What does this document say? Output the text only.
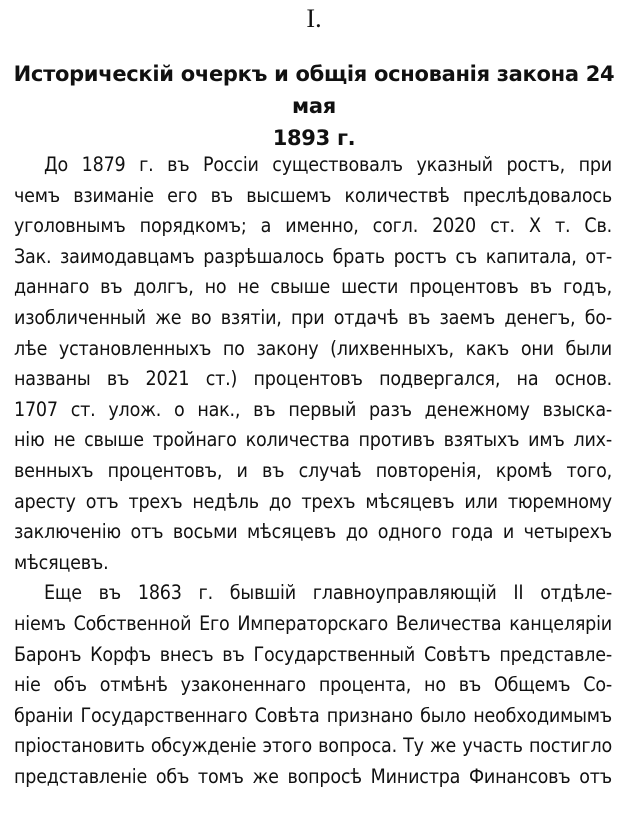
I.
Историческій очеркъ и общія основанія закона 24 мая
1893 г.
До 1879 г. въ Россіи существовалъ указный ростъ, при
чемъ взиманіе его въ высшемъ количествѣ преслѣдовалось
уголовнымъ порядкомъ; а именно, согл. 2020 ст. X т. Св.
Зак. заимодавцамъ разрѣшалось брать ростъ съ капитала, от-
даннаго въ долгъ, но не свыше шести процентовъ въ годъ,
изобличенный же во взятіи, при отдачѣ въ заемъ денегъ, бо-
лѣе установленныхъ по закону (лихвенныхъ, какъ они были
названы въ 2021 ст.) процентовъ подвергался, на основ.
1707 ст. улож. о нак., въ первый разъ денежному взыска-
нію не свыше тройнаго количества противъ взятыхъ имъ лих-
венныхъ процентовъ, и въ случаѣ повторенія, кромѣ того,
аресту отъ трехъ недѣль до трехъ мѣсяцевъ или тюремному
заключенію отъ восьми мѣсяцевъ до одного года и четырехъ
мѣсяцевъ.
Еще въ 1863 г. бывшій главноуправляющій II отдѣле-
ніемъ Собственной Его Императорскаго Величества канцеляріи
Баронъ Корфъ внесъ въ Государственный Совѣтъ представле-
ніе объ отмѣнѣ узаконеннаго процента, но въ Общемъ Со-
браніи Государственнаго Совѣта признано было необходимымъ
пріостановить обсужденіе этого вопроса. Ту же участь постигло
представленіе объ томъ же вопросѣ Министра Финансовъ отъ
